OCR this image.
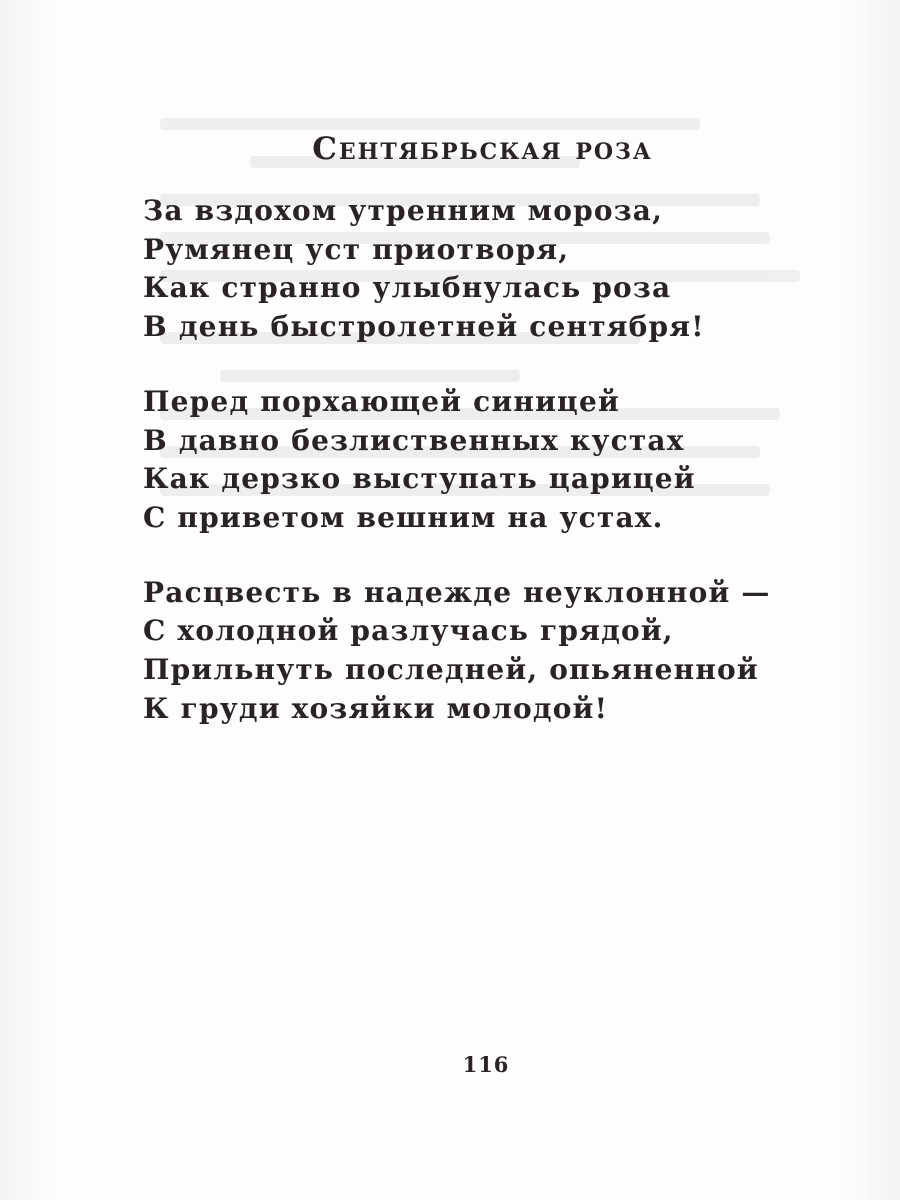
Сентябрьская роза
За вздохом утренним мороза,
Румянец уст приотворя,
Как странно улыбнулась роза
В день быстролетней сентября!
Перед порхающей синицей
В давно безлиственных кустах
Как дерзко выступать царицей
С приветом вешним на устах.
Расцвесть в надежде неуклонной —
С холодной разлучась грядой,
Прильнуть последней, опьяненной
К груди хозяйки молодой!
116
